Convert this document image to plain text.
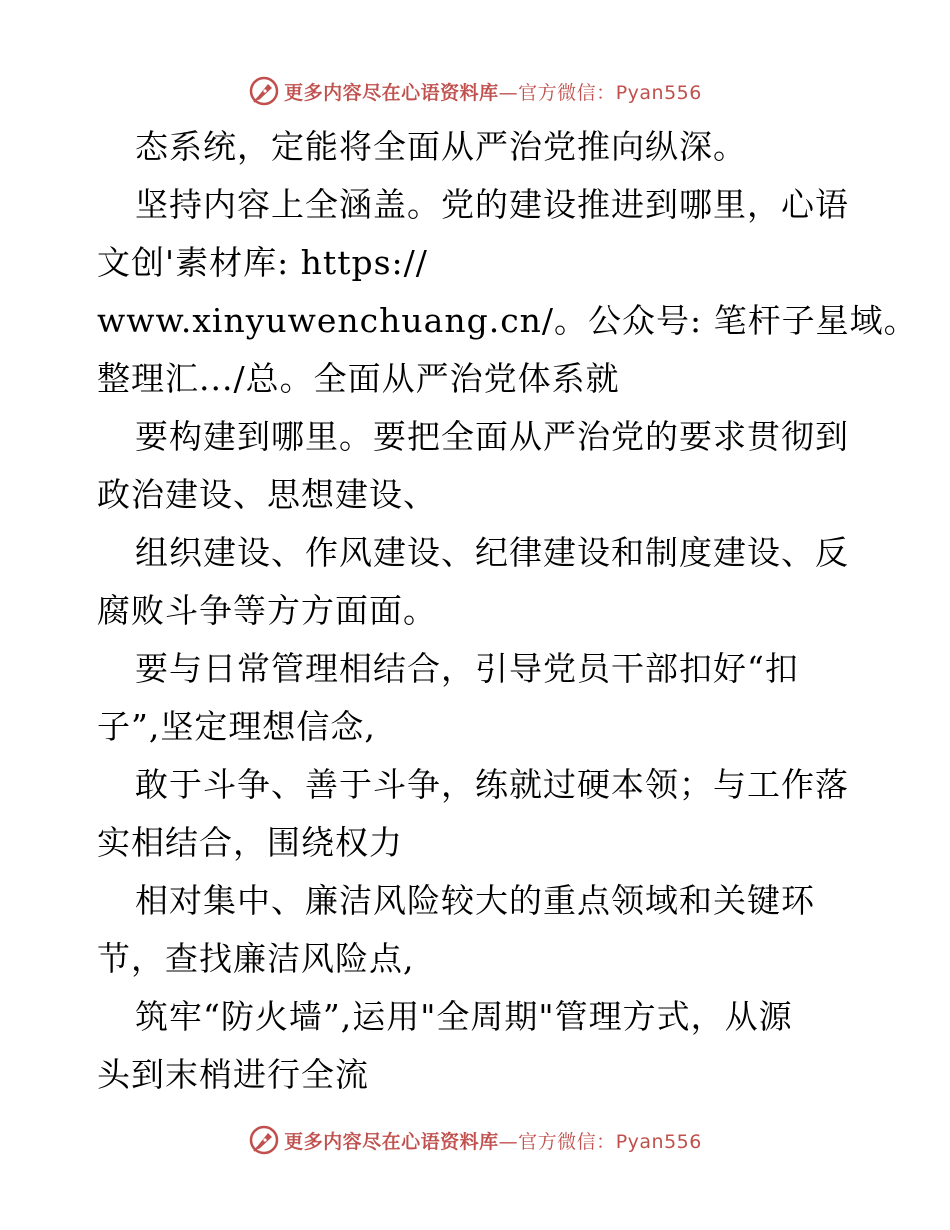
更多内容尽在心语资料库—官方微信：Pyan556
态系统，定能将全面从严治党推向纵深。
坚持内容上全涵盖。党的建设推进到哪里，心语
文创'素材库: https://
www.xinyuwenchuang.cn/。公众号: 笔杆子星域。
整理汇.../总。全面从严治党体系就
要构建到哪里。要把全面从严治党的要求贯彻到
政治建设、思想建设、
组织建设、作风建设、纪律建设和制度建设、反
腐败斗争等方方面面。
要与日常管理相结合，引导党员干部扣好“扣
子”,坚定理想信念,
敢于斗争、善于斗争，练就过硬本领；与工作落
实相结合，围绕权力
相对集中、廉洁风险较大的重点领域和关键环
节，查找廉洁风险点,
筑牢“防火墙”,运用"全周期"管理方式，从源
头到末梢进行全流
更多内容尽在心语资料库—官方微信：Pyan556
